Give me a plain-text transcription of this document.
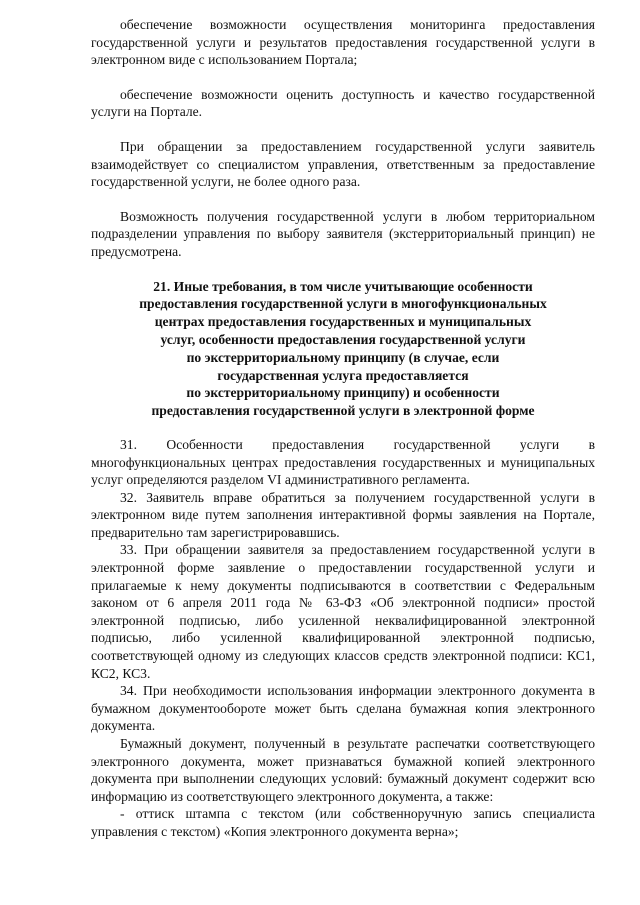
обеспечение возможности осуществления мониторинга предоставления государственной услуги и результатов предоставления государственной услуги в электронном виде с использованием Портала;

обеспечение возможности оценить доступность и качество государственной услуги на Портале.

При обращении за предоставлением государственной услуги заявитель взаимодействует со специалистом управления, ответственным за предоставление государственной услуги, не более одного раза.

Возможность получения государственной услуги в любом территориальном подразделении управления по выбору заявителя (экстерриториальный принцип) не предусмотрена.

21. Иные требования, в том числе учитывающие особенности
предоставления государственной услуги в многофункциональных
центрах предоставления государственных и муниципальных
услуг, особенности предоставления государственной услуги
по экстерриториальному принципу (в случае, если
государственная услуга предоставляется
по экстерриториальному принципу) и особенности
предоставления государственной услуги в электронной форме

31. Особенности предоставления государственной услуги в многофункциональных центрах предоставления государственных и муниципальных услуг определяются разделом VI административного регламента.

32. Заявитель вправе обратиться за получением государственной услуги в электронном виде путем заполнения интерактивной формы заявления на Портале, предварительно там зарегистрировавшись.

33. При обращении заявителя за предоставлением государственной услуги в электронной форме заявление о предоставлении государственной услуги и прилагаемые к нему документы подписываются в соответствии с Федеральным законом от 6 апреля 2011 года № 63-ФЗ «Об электронной подписи» простой электронной подписью, либо усиленной неквалифицированной электронной подписью, либо усиленной квалифицированной электронной подписью, соответствующей одному из следующих классов средств электронной подписи: КС1, КС2, КС3.

34. При необходимости использования информации электронного документа в бумажном документообороте может быть сделана бумажная копия электронного документа.

Бумажный документ, полученный в результате распечатки соответствующего электронного документа, может признаваться бумажной копией электронного документа при выполнении следующих условий: бумажный документ содержит всю информацию из соответствующего электронного документа, а также:

- оттиск штампа с текстом (или собственноручную запись специалиста управления с текстом) «Копия электронного документа верна»;
